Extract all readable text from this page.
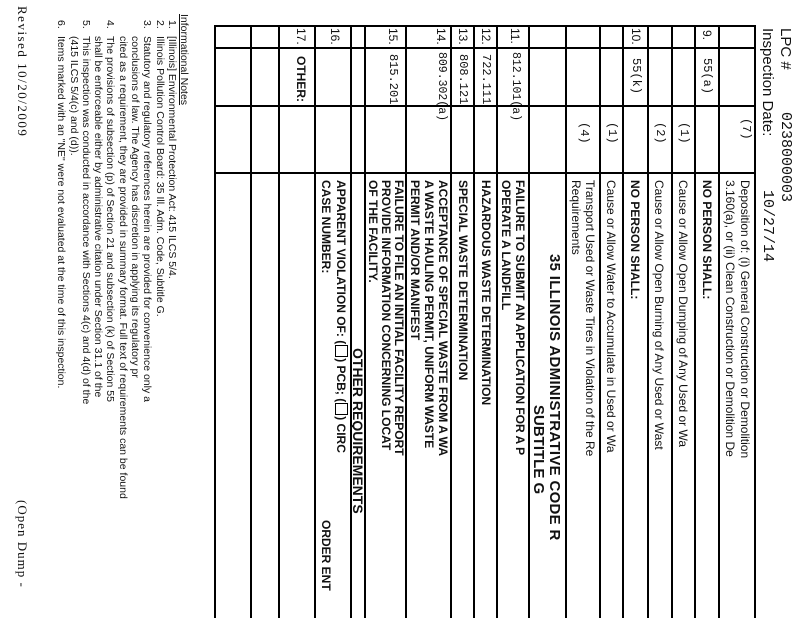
LPC #
0238000003
Inspection Date:
10/27/14
(7)
Deposition of: (i) General Construction or Demolition
3.160(a), or (ii) Clean Construction or Demolition De
9.
55(a)
NO PERSON SHALL:
(1)
Cause or Allow Open Dumping of Any Used or Wa
(2)
Cause or Allow Open Burning of Any Used or Wast
10.
55(k)
NO PERSON SHALL:
(1)
Cause or Allow Water to Accumulate in Used or Wa
(4)
Transport Used or Waste Tires in Violation of the Re
Requirements
35 ILLINOIS ADMINISTRATIVE CODE R
SUBTITLE G
11.
812.101(a)
FAILURE TO SUBMIT AN APPLICATION FOR A P
OPERATE A LANDFILL
12.
722.111
HAZARDOUS WASTE DETERMINATION
13.
808.121
SPECIAL WASTE DETERMINATION
14.
809.302(a)
ACCEPTANCE OF SPECIAL WASTE FROM A WA
A WASTE HAULING PERMIT, UNIFORM WASTE
PERMIT AND/OR MANIFEST
15.
815.201
FAILURE TO FILE AN INITIAL FACILITY REPORT
PROVIDE INFORMATION CONCERNING LOCAT
OF THE FACILITY.
OTHER REQUIREMENTS
16.
APPARENT VIOLATION OF: () PCB; () CIRC
CASE NUMBER:
ORDER ENT
17.
OTHER:
Informational Notes
1.
[Illinois] Environmental Protection Act: 415 ILCS 5/4.
2.
Illinois Pollution Control Board: 35 Ill. Adm. Code, Subtitle G.
3.
Statutory and regulatory references herein are provided for convenience only a
conclusions of law. The Agency has discretion in applying its regulatory pr
cited as a requirement, they are provided in summary format. Full text of requirements can be found
4.
The provisions of subsection (p) of Section 21 and subsection (k) of Section 55
shall be enforceable either by administrative citation under Section 31.1 of the
5.
This inspection was conducted in accordance with Sections 4(c) and 4(d) of the
(415 ILCS 5/4(c) and (d)).
6.
Items marked with an "NE" were not evaluated at the time of this inspection.
Revised 10/20/2009
(Open Dump -
